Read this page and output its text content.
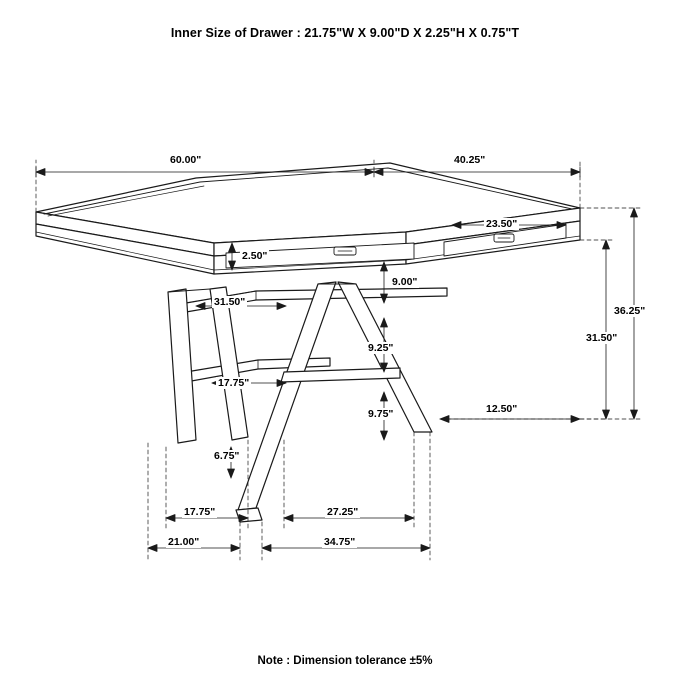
Inner Size of Drawer : 21.75"W X 9.00"D X 2.25"H X 0.75"T
60.00"	40.25"
23.50"
2.50"
31.50"
9.00"
9.25"
17.75"
9.75"
6.75"
12.50"
36.25"
31.50"
17.75"	27.25"
21.00"	34.75"
Note : Dimension tolerance ±5%
